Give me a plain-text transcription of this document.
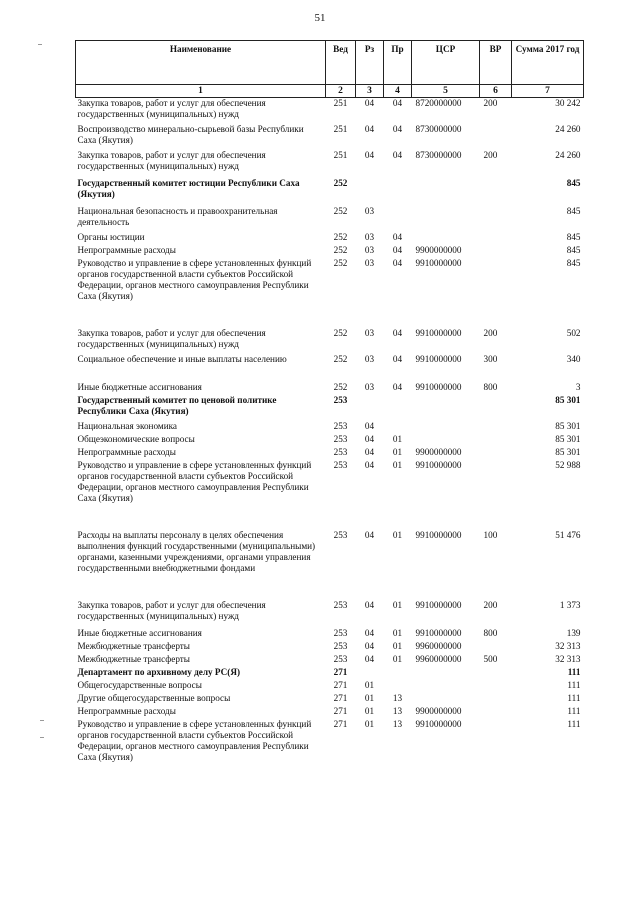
51
Наименование	Вед	Рз	Пр	ЦСР	ВР	Сумма 2017 год
1	2	3	4	5	6	7
Закупка товаров, работ и услуг для обеспечения государственных (муниципальных) нужд	251	04	04	8720000000	200	30 242
Воспроизводство минерально-сырьевой базы Республики Саха (Якутия)	251	04	04	8730000000		24 260
Закупка товаров, работ и услуг для обеспечения государственных (муниципальных) нужд	251	04	04	8730000000	200	24 260
Государственный комитет юстиции Республики Саха (Якутия)	252					845
Национальная безопасность и правоохранительная деятельность	252	03				845
Органы юстиции	252	03	04			845
Непрограммные расходы	252	03	04	9900000000		845
Руководство и управление в сфере установленных функций органов государственной власти субъектов Российской Федерации, органов местного самоуправления Республики Саха (Якутия)	252	03	04	9910000000		845
Закупка товаров, работ и услуг для обеспечения государственных (муниципальных) нужд	252	03	04	9910000000	200	502
Социальное обеспечение и иные выплаты населению	252	03	04	9910000000	300	340
Иные бюджетные ассигнования	252	03	04	9910000000	800	3
Государственный комитет по ценовой политике Республики Саха (Якутия)	253					85 301
Национальная экономика	253	04				85 301
Общеэкономические вопросы	253	04	01			85 301
Непрограммные расходы	253	04	01	9900000000		85 301
Руководство и управление в сфере установленных функций органов государственной власти субъектов Российской Федерации, органов местного самоуправления Республики Саха (Якутия)	253	04	01	9910000000		52 988
Расходы на выплаты персоналу в целях обеспечения выполнения функций государственными (муниципальными) органами, казенными учреждениями, органами управления государственными внебюджетными фондами	253	04	01	9910000000	100	51 476
Закупка товаров, работ и услуг для обеспечения государственных (муниципальных) нужд	253	04	01	9910000000	200	1 373
Иные бюджетные ассигнования	253	04	01	9910000000	800	139
Межбюджетные трансферты	253	04	01	9960000000		32 313
Межбюджетные трансферты	253	04	01	9960000000	500	32 313
Департамент по архивному делу РС(Я)	271					111
Общегосударственные вопросы	271	01				111
Другие общегосударственные вопросы	271	01	13			111
Непрограммные расходы	271	01	13	9900000000		111
Руководство и управление в сфере установленных функций органов государственной власти субъектов Российской Федерации, органов местного самоуправления Республики Саха (Якутия)	271	01	13	9910000000		111
